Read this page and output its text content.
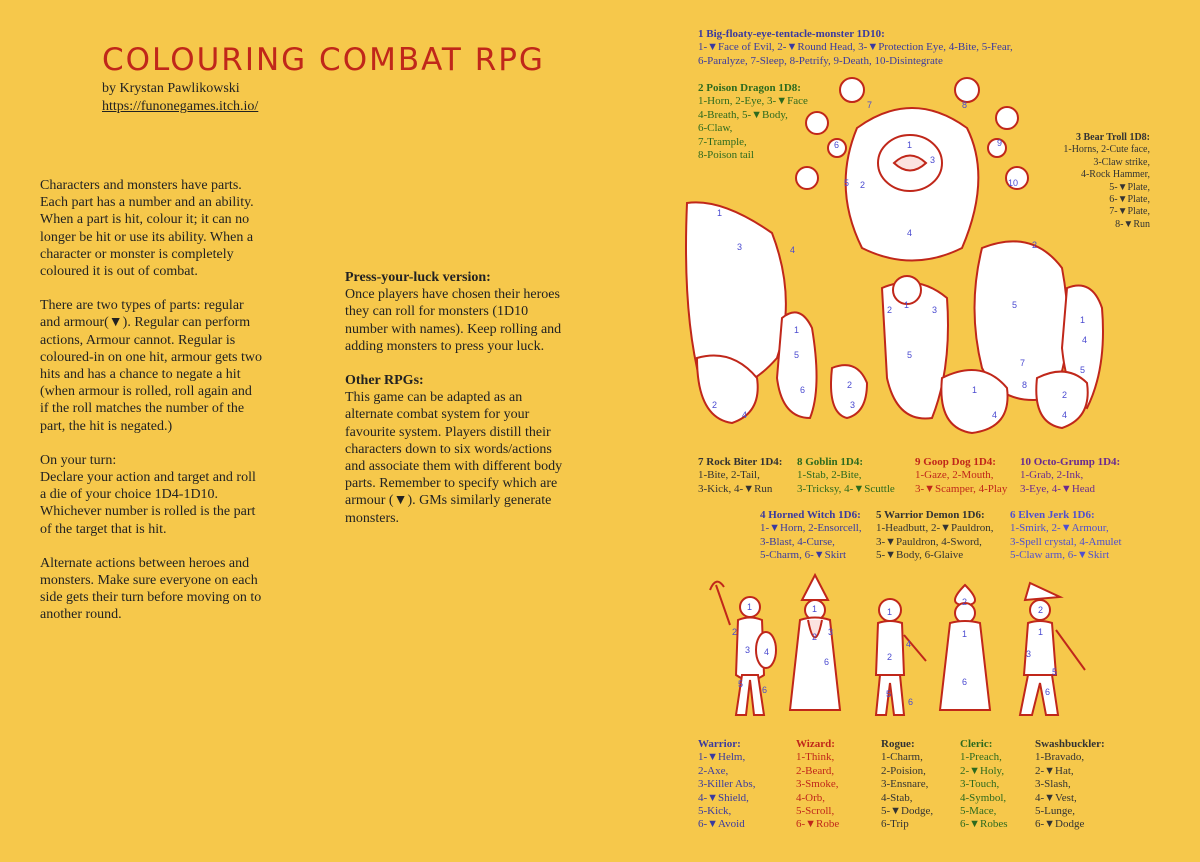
COLOURING COMBAT RPG
by Krystan Pawlikowski
https://funonegames.itch.io/

Characters and monsters have parts. Each part has a number and an ability. When a part is hit, colour it; it can no longer be hit or use its ability. When a character or monster is completely coloured it is out of combat.

There are two types of parts: regular and armour(▼). Regular can perform actions, Armour cannot. Regular is coloured-in on one hit, armour gets two hits and has a chance to negate a hit (when armour is rolled, roll again and if the roll matches the number of the part, the hit is negated.)

On your turn:
Declare your action and target and roll a die of your choice 1D4-1D10. Whichever number is rolled is the part of the target that is hit.

Alternate actions between heroes and monsters. Make sure everyone on each side gets their turn before moving on to another round.

Press-your-luck version:

Once players have chosen their heroes they can roll for monsters (1D10 number with names). Keep rolling and adding monsters to press your luck.

Other RPGs:

This game can be adapted as an alternate combat system for your favourite system. Players distill their characters down to six words/actions and associate them with different body parts. Remember to specify which are armour (▼). GMs similarly generate monsters.

1 Big-floaty-eye-tentacle-monster 1D10:
1-▼Face of Evil, 2-▼Round Head, 3-▼Protection Eye, 4-Bite, 5-Fear,
6-Paralyze, 7-Sleep, 8-Petrify, 9-Death, 10-Disintegrate
2 Poison Dragon 1D8:
1-Horn, 2-Eye, 3-▼Face
4-Breath, 5-▼Body,
6-Claw,
7-Trample,
8-Poison tail
3 Bear Troll 1D8:
1-Horns, 2-Cute face,
3-Claw strike,
4-Rock Hammer,
5-▼Plate,
6-▼Plate,
7-▼Plate,
8-▼Run
1
3
4
7	8
6	9
5	10
2
1
3	4	2
5
7
8
1
4
5
1
2	3
5
1
5
6	2
3
2
4
1
4
2
4
7 Rock Biter 1D4:
1-Bite, 2-Tail,
3-Kick, 4-▼Run
8 Goblin 1D4:
1-Stab, 2-Bite,
3-Tricksy, 4-▼Scuttle
9 Goop Dog 1D4:
1-Gaze, 2-Mouth,
3-▼Scamper, 4-Play
10 Octo-Grump 1D4:
1-Grab, 2-Ink,
3-Eye, 4-▼Head
4 Horned Witch 1D6:
1-▼Horn, 2-Ensorcell,
3-Blast, 4-Curse,
5-Charm, 6-▼Skirt
5 Warrior Demon 1D6:
1-Headbutt, 2-▼Pauldron,
3-▼Pauldron, 4-Sword,
5-▼Body, 6-Glaive
6 Elven Jerk 1D6:
1-Smirk, 2-▼Armour,
3-Spell crystal, 4-Amulet
5-Claw arm, 6-▼Skirt
1
2
3 4
5
6
1
2 3
6
1
2
4
5
6
2
1
6
2
1
3
5
6
Warrior:
1-▼Helm,
2-Axe,
3-Killer Abs,
4-▼Shield,
5-Kick,
6-▼Avoid
Wizard:
1-Think,
2-Beard,
3-Smoke,
4-Orb,
5-Scroll,
6-▼Robe
Rogue:
1-Charm,
2-Poision,
3-Ensnare,
4-Stab,
5-▼Dodge,
6-Trip
Cleric:
1-Preach,
2-▼Holy,
3-Touch,
4-Symbol,
5-Mace,
6-▼Robes
Swashbuckler:
1-Bravado,
2-▼Hat,
3-Slash,
4-▼Vest,
5-Lunge,
6-▼Dodge
